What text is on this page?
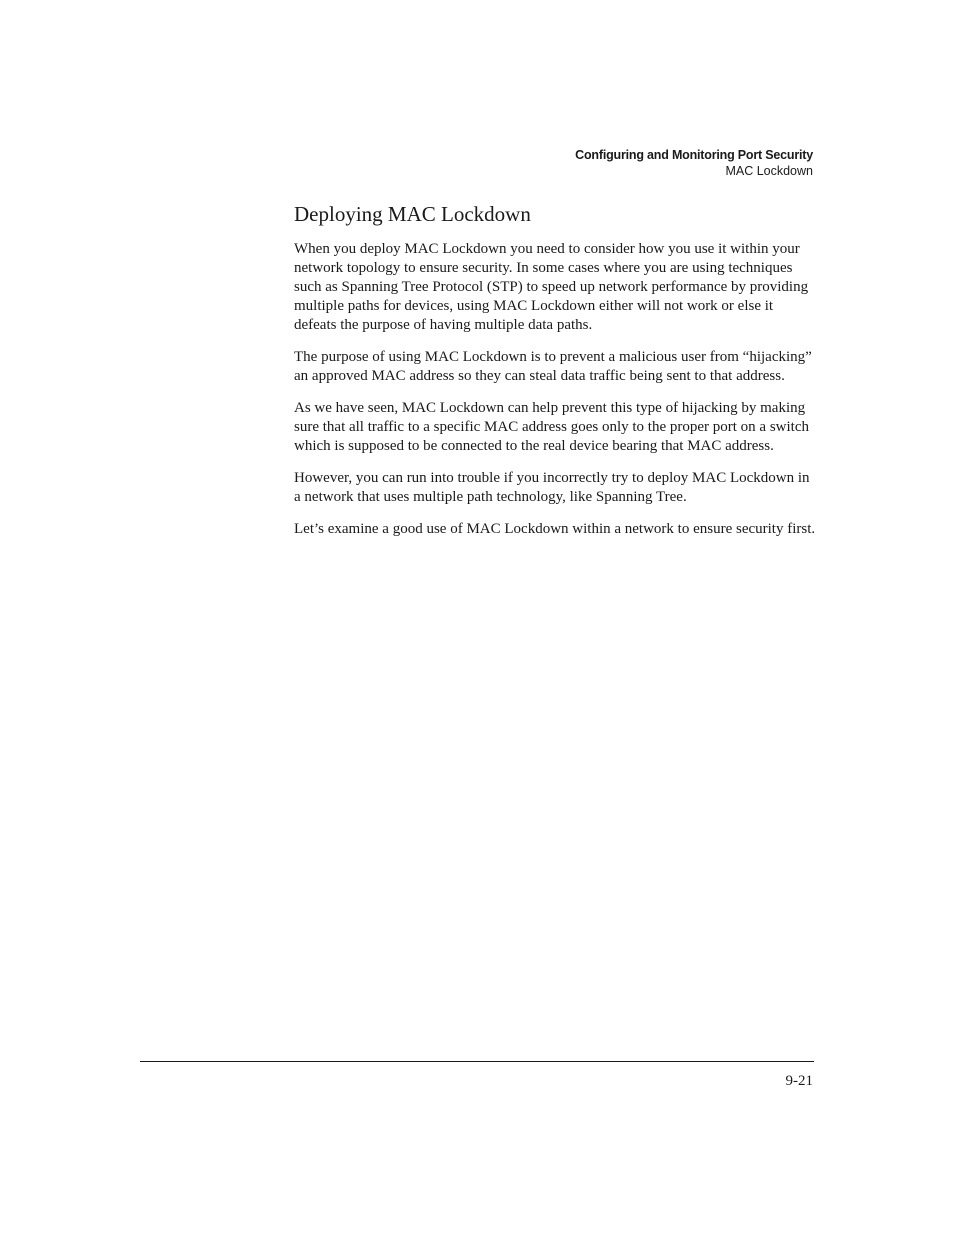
Configuring and Monitoring Port Security
MAC Lockdown
Deploying MAC Lockdown

When you deploy MAC Lockdown you need to consider how you use it within your network topology to ensure security. In some cases where you are using techniques such as Spanning Tree Protocol (STP) to speed up network performance by providing multiple paths for devices, using MAC Lockdown either will not work or else it defeats the purpose of having multiple data paths.

The purpose of using MAC Lockdown is to prevent a malicious user from “hijacking” an approved MAC address so they can steal data traffic being sent to that address.

As we have seen, MAC Lockdown can help prevent this type of hijacking by making sure that all traffic to a specific MAC address goes only to the proper port on a switch which is supposed to be connected to the real device bearing that MAC address.

However, you can run into trouble if you incorrectly try to deploy MAC Lockdown in a network that uses multiple path technology, like Spanning Tree.

Let’s examine a good use of MAC Lockdown within a network to ensure security first.

9-21
